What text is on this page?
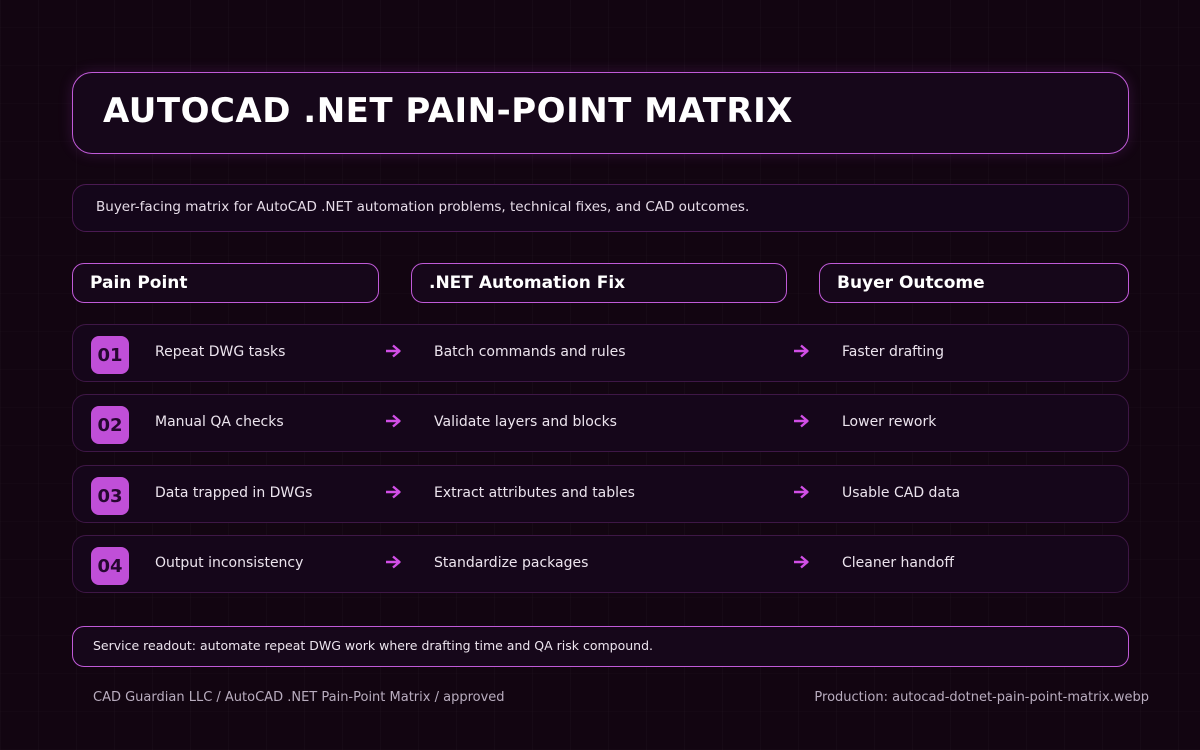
AUTOCAD .NET PAIN-POINT MATRIX

Buyer-facing matrix for AutoCAD .NET automation problems, technical fixes, and CAD outcomes.

Pain Point	.NET Automation Fix	Buyer Outcome
01	Repeat DWG tasks	Batch commands and rules	Faster drafting
02	Manual QA checks	Validate layers and blocks	Lower rework
03	Data trapped in DWGs	Extract attributes and tables	Usable CAD data
04	Output inconsistency	Standardize packages	Cleaner handoff
Service readout: automate repeat DWG work where drafting time and QA risk compound.
CAD Guardian LLC / AutoCAD .NET Pain-Point Matrix / approved	Production: autocad-dotnet-pain-point-matrix.webp
